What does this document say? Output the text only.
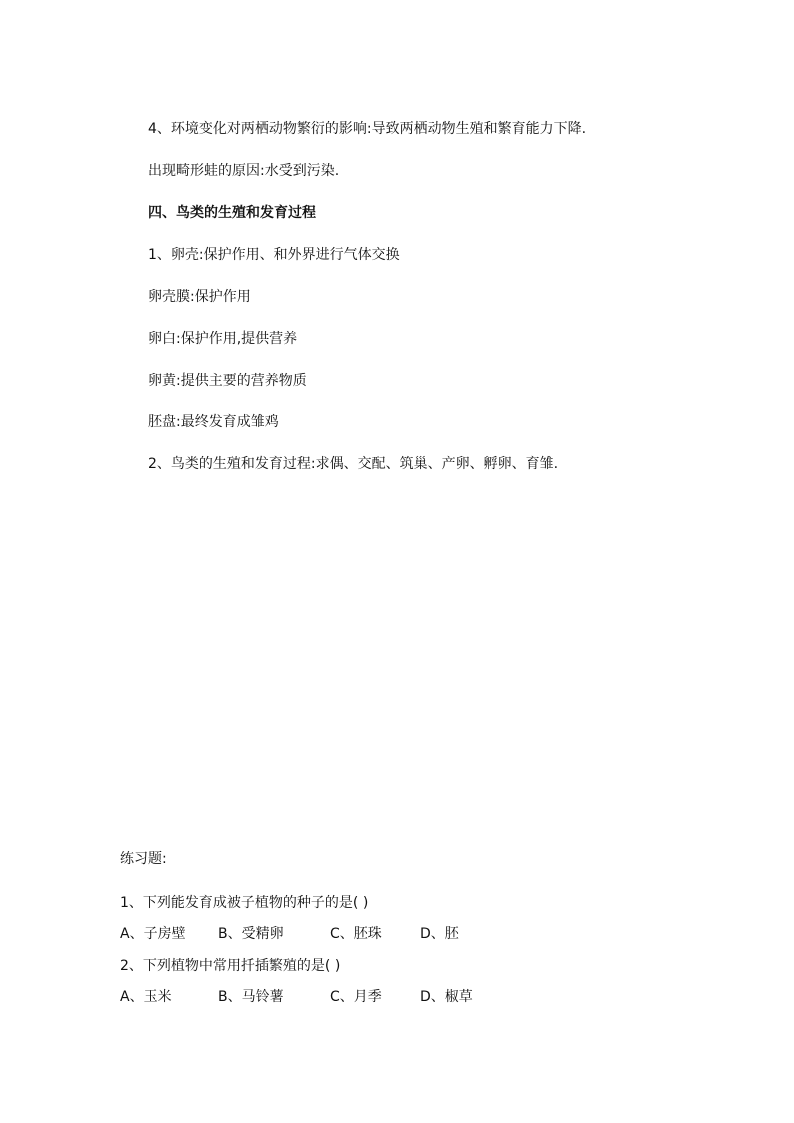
4、环境变化对两栖动物繁衍的影响:导致两栖动物生殖和繁育能力下降.
出现畸形蛙的原因:水受到污染.
四、鸟类的生殖和发育过程
1、卵壳:保护作用、和外界进行气体交换
卵壳膜:保护作用
卵白:保护作用,提供营养
卵黄:提供主要的营养物质
胚盘:最终发育成雏鸡
2、鸟类的生殖和发育过程:求偶、交配、筑巢、产卵、孵卵、育雏.
练习题:
1、下列能发育成被子植物的种子的是( )
A、子房壁 B、受精卵	C、胚珠	D、胚
2、下列植物中常用扦插繁殖的是( )
A、玉米	B、马铃薯	C、月季	D、椒草
